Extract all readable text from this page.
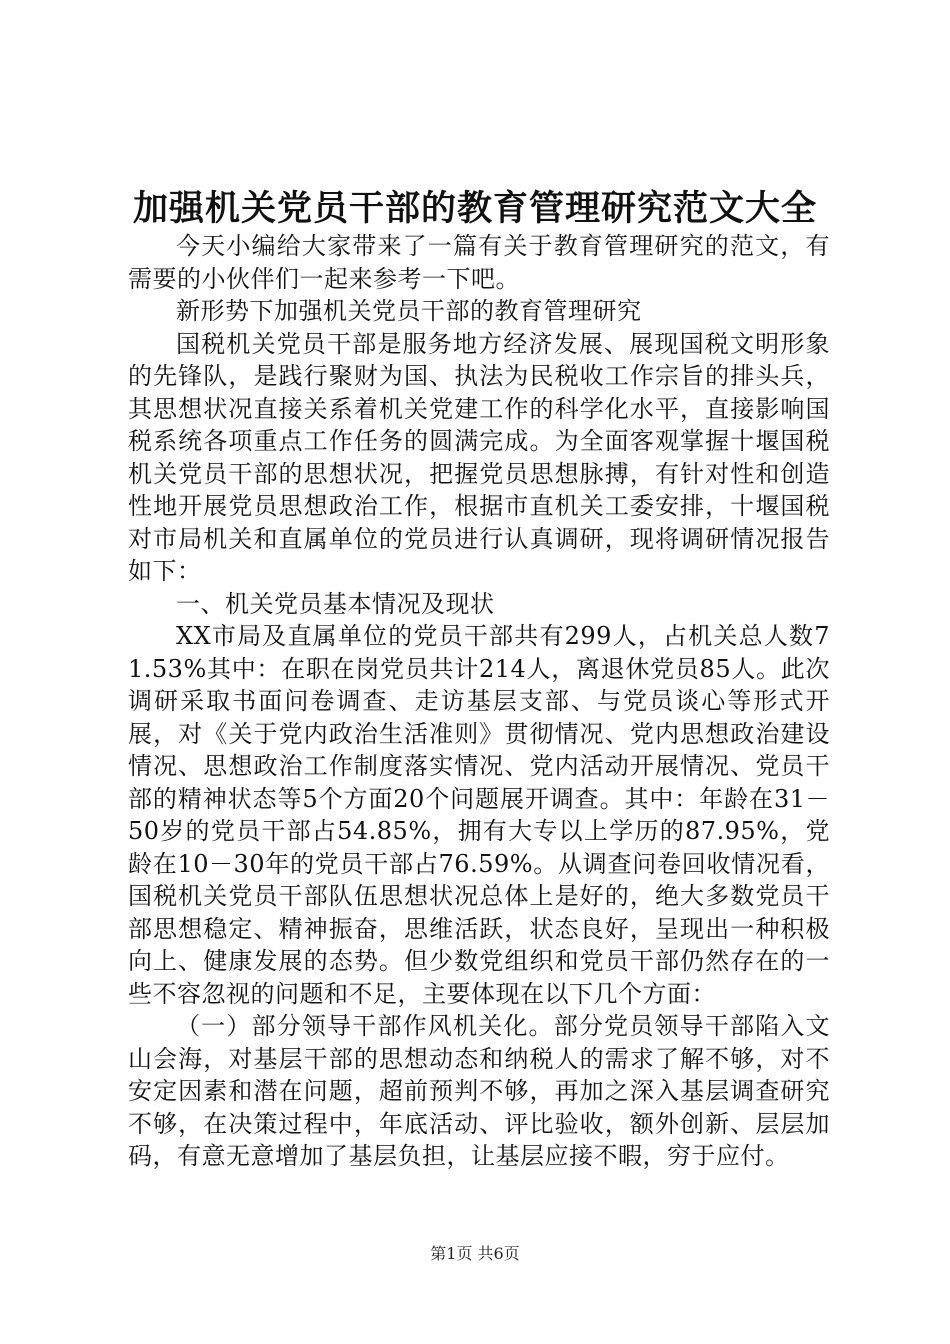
加强机关党员干部的教育管理研究范文大全

今天小编给大家带来了一篇有关于教育管理研究的范文，有需要的小伙伴们一起来参考一下吧。

新形势下加强机关党员干部的教育管理研究

国税机关党员干部是服务地方经济发展、展现国税文明形象的先锋队，是践行聚财为国、执法为民税收工作宗旨的排头兵，其思想状况直接关系着机关党建工作的科学化水平，直接影响国税系统各项重点工作任务的圆满完成。为全面客观掌握十堰国税机关党员干部的思想状况，把握党员思想脉搏，有针对性和创造性地开展党员思想政治工作，根据市直机关工委安排，十堰国税对市局机关和直属单位的党员进行认真调研，现将调研情况报告如下：

一、机关党员基本情况及现状

XX市局及直属单位的党员干部共有299人，占机关总人数71.53%其中：在职在岗党员共计214人，离退休党员85人。此次调研采取书面问卷调查、走访基层支部、与党员谈心等形式开展，对《关于党内政治生活准则》贯彻情况、党内思想政治建设情况、思想政治工作制度落实情况、党内活动开展情况、党员干部的精神状态等5个方面20个问题展开调查。其中：年龄在31－50岁的党员干部占54.85%，拥有大专以上学历的87.95%，党龄在10－30年的党员干部占76.59%。从调查问卷回收情况看，国税机关党员干部队伍思想状况总体上是好的，绝大多数党员干部思想稳定、精神振奋，思维活跃，状态良好，呈现出一种积极向上、健康发展的态势。但少数党组织和党员干部仍然存在的一些不容忽视的问题和不足，主要体现在以下几个方面：

（一）部分领导干部作风机关化。部分党员领导干部陷入文山会海，对基层干部的思想动态和纳税人的需求了解不够，对不安定因素和潜在问题，超前预判不够，再加之深入基层调查研究不够，在决策过程中，年底活动、评比验收，额外创新、层层加码，有意无意增加了基层负担，让基层应接不暇，穷于应付。

第1页 共6页
